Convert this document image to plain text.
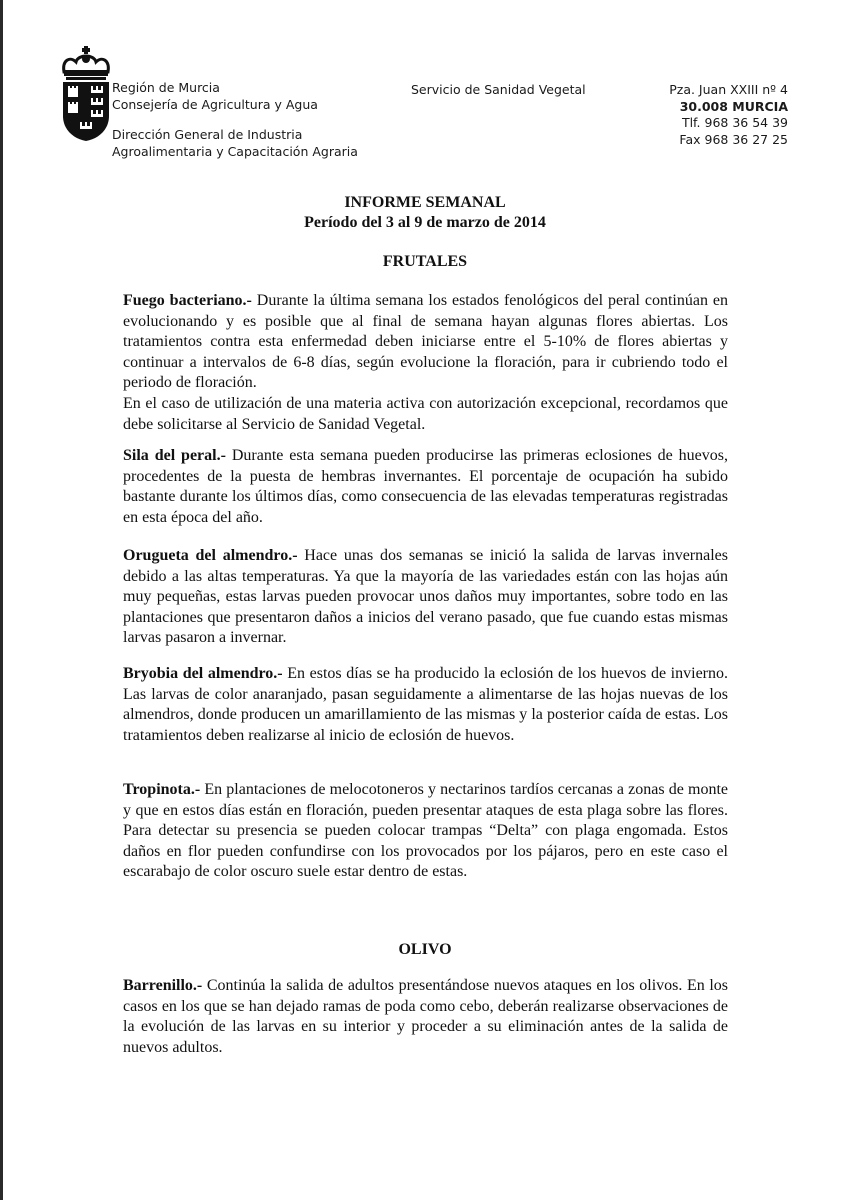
Región de Murcia
Consejería de Agricultura y Agua
Dirección General de Industria
Agroalimentaria y Capacitación Agraria
Servicio de Sanidad Vegetal	Pza. Juan XXIII nº 4
30.008 MURCIA
Tlf. 968 36 54 39
Fax 968 36 27 25
INFORME SEMANAL
Período del 3 al 9 de marzo de 2014
FRUTALES

Fuego bacteriano.- Durante la última semana los estados fenológicos del peral continúan en evolucionando y es posible que al final de semana hayan algunas flores abiertas. Los tratamientos contra esta enfermedad deben iniciarse entre el 5-10% de flores abiertas y continuar a intervalos de 6-8 días, según evolucione la floración, para ir cubriendo todo el periodo de floración.

En el caso de utilización de una materia activa con autorización excepcional, recordamos que debe solicitarse al Servicio de Sanidad Vegetal.

Sila del peral.- Durante esta semana pueden producirse las primeras eclosiones de huevos, procedentes de la puesta de hembras invernantes. El porcentaje de ocupación ha subido bastante durante los últimos días, como consecuencia de las elevadas temperaturas registradas en esta época del año.

Orugueta del almendro.- Hace unas dos semanas se inició la salida de larvas invernales debido a las altas temperaturas. Ya que la mayoría de las variedades están con las hojas aún muy pequeñas, estas larvas pueden provocar unos daños muy importantes, sobre todo en las plantaciones que presentaron daños a inicios del verano pasado, que fue cuando estas mismas larvas pasaron a invernar.

Bryobia del almendro.- En estos días se ha producido la eclosión de los huevos de invierno. Las larvas de color anaranjado, pasan seguidamente a alimentarse de las hojas nuevas de los almendros, donde producen un amarillamiento de las mismas y la posterior caída de estas. Los tratamientos deben realizarse al inicio de eclosión de huevos.

Tropinota.- En plantaciones de melocotoneros y nectarinos tardíos cercanas a zonas de monte y que en estos días están en floración, pueden presentar ataques de esta plaga sobre las flores. Para detectar su presencia se pueden colocar trampas “Delta” con plaga engomada. Estos daños en flor pueden confundirse con los provocados por los pájaros, pero en este caso el escarabajo de color oscuro suele estar dentro de estas.

OLIVO

Barrenillo.- Continúa la salida de adultos presentándose nuevos ataques en los olivos. En los casos en los que se han dejado ramas de poda como cebo, deberán realizarse observaciones de la evolución de las larvas en su interior y proceder a su eliminación antes de la salida de nuevos adultos.
